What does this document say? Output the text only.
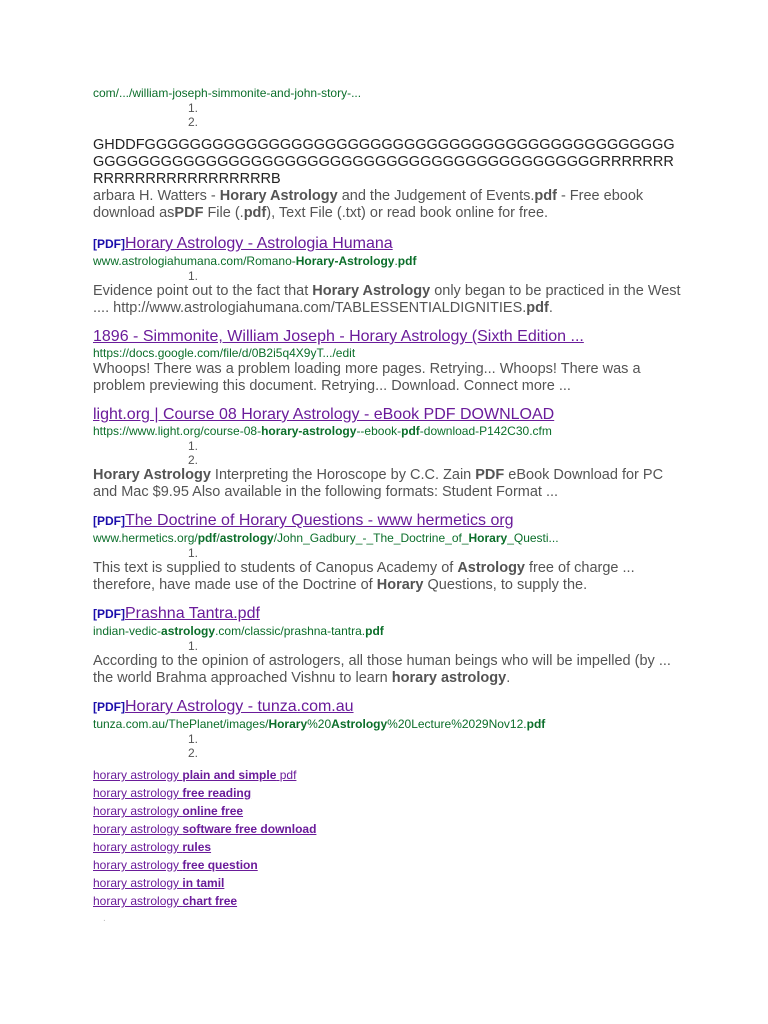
com/.../william-joseph-simmonite-and-john-story-...
1.
2.
GHDDFGGGGGGGGGGGGGGGGGGGGGGGGGGGGGGGGGGGGGGGGGGGGGGGGGGGGGGGGGGGGGGGGGGGGGGGGGGGGGGGGGGGGGGGGGGGGRRRRRRRRRRRRRRRRRRRRRRRRB
arbara H. Watters - Horary Astrology and the Judgement of Events.pdf - Free ebook download asPDF File (.pdf), Text File (.txt) or read book online for free.
[PDF]Horary Astrology - Astrologia Humana
www.astrologiahumana.com/Romano-Horary-Astrology.pdf
1.
Evidence point out to the fact that Horary Astrology only began to be practiced in the West .... http://www.astrologiahumana.com/TABLESSENTIALDIGNITIES.pdf.
1896 - Simmonite, William Joseph - Horary Astrology (Sixth Edition ...
https://docs.google.com/file/d/0B2i5q4X9yT.../edit
Whoops! There was a problem loading more pages. Retrying... Whoops! There was a problem previewing this document. Retrying... Download. Connect more ...
light.org | Course 08 Horary Astrology - eBook PDF DOWNLOAD
https://www.light.org/course-08-horary-astrology--ebook-pdf-download-P142C30.cfm
1.
2.
Horary Astrology Interpreting the Horoscope by C.C. Zain PDF eBook Download for PC and Mac $9.95 Also available in the following formats: Student Format ...
[PDF]The Doctrine of Horary Questions - www hermetics org
www.hermetics.org/pdf/astrology/John_Gadbury_-_The_Doctrine_of_Horary_Questi...
1.
This text is supplied to students of Canopus Academy of Astrology free of charge ... therefore, have made use of the Doctrine of Horary Questions, to supply the.
[PDF]Prashna Tantra.pdf
indian-vedic-astrology.com/classic/prashna-tantra.pdf
1.
According to the opinion of astrologers, all those human beings who will be impelled (by ... the world Brahma approached Vishnu to learn horary astrology.
[PDF]Horary Astrology - tunza.com.au
tunza.com.au/ThePlanet/images/Horary%20Astrology%20Lecture%2029Nov12.pdf
1.
2.
horary astrology plain and simple pdf
horary astrology free reading
horary astrology online free
horary astrology software free download
horary astrology rules
horary astrology free question
horary astrology in tamil
horary astrology chart free
.
